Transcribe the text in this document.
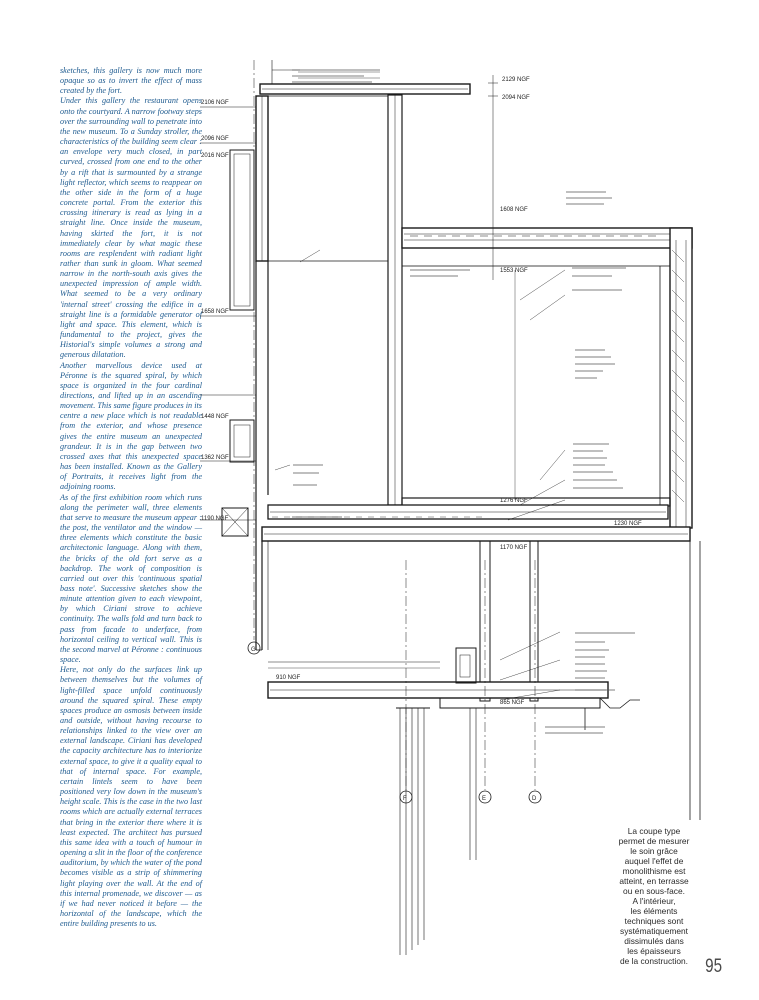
sketches, this gallery is now much more opaque so as to invert the effect of mass created by the fort.

Under this gallery the restaurant opens onto the courtyard. A narrow footway steps over the surrounding wall to penetrate into the new museum. To a Sunday stroller, the characteristics of the building seem clear : an envelope very much closed, in part curved, crossed from one end to the other by a rift that is surmounted by a strange light reflector, which seems to reappear on the other side in the form of a huge concrete portal. From the exterior this crossing itinerary is read as lying in a straight line. Once inside the museum, having skirted the fort, it is not immediately clear by what magic these rooms are resplendent with radiant light rather than sunk in gloom. What seemed narrow in the north-south axis gives the unexpected impression of ample width. What seemed to be a very ordinary 'internal street' crossing the edifice in a straight line is a formidable generator of light and space. This element, which is fundamental to the project, gives the Historial's simple volumes a strong and generous dilatation.

Another marvellous device used at Péronne is the squared spiral, by which space is organized in the four cardinal directions, and lifted up in an ascending movement. This same figure produces in its centre a new place which is not readable from the exterior, and whose presence gives the entire museum an unexpected grandeur. It is in the gap between two crossed axes that this unexpected space has been installed. Known as the Gallery of Portraits, it receives light from the adjoining rooms.

As of the first exhibition room which runs along the perimeter wall, three elements that serve to measure the museum appear : the post, the ventilator and the window — three elements which constitute the basic architectonic language. Along with them, the bricks of the old fort serve as a backdrop. The work of composition is carried out over this 'continuous spatial bass note'. Successive sketches show the minute attention given to each viewpoint, by which Ciriani strove to achieve continuity. The walls fold and turn back to pass from facade to underface, from horizontal ceiling to vertical wall. This is the second marvel at Péronne : continuous space.

Here, not only do the surfaces link up between themselves but the volumes of light-filled space unfold continuously around the squared spiral. These empty spaces produce an osmosis between inside and outside, without having recourse to relationships linked to the view over an external landscape. Ciriani has developed the capacity architecture has to interiorize external space, to give it a quality equal to that of internal space. For example, certain lintels seem to have been positioned very low down in the museum's height scale. This is the case in the two last rooms which are actually external terraces that bring in the exterior there where it is least expected. The architect has pursued this same idea with a touch of humour in opening a slit in the floor of the conference auditorium, by which the water of the pond becomes visible as a strip of shimmering light playing over the wall. At the end of this internal promenade, we discover — as if we had never noticed it before — the horizontal of the landscape, which the entire building presents to us.

2129 NGF
2094 NGF
2106 NGF
2096 NGF
2016 NGF
1608 NGF
1658 NGF
1553 NGF
1448 NGF
1362 NGF
1276 NGF
1230 NGF
1190 NGF
1170 NGF
910 NGF
865 NGF
G
F	E	D
La coupe type
permet de mesurer
le soin grâce
auquel l'effet de
monolithisme est
atteint, en terrasse
ou en sous-face.
A l'intérieur,
les éléments
techniques sont
systématiquement
dissimulés dans
les épaisseurs
de la construction. 95
